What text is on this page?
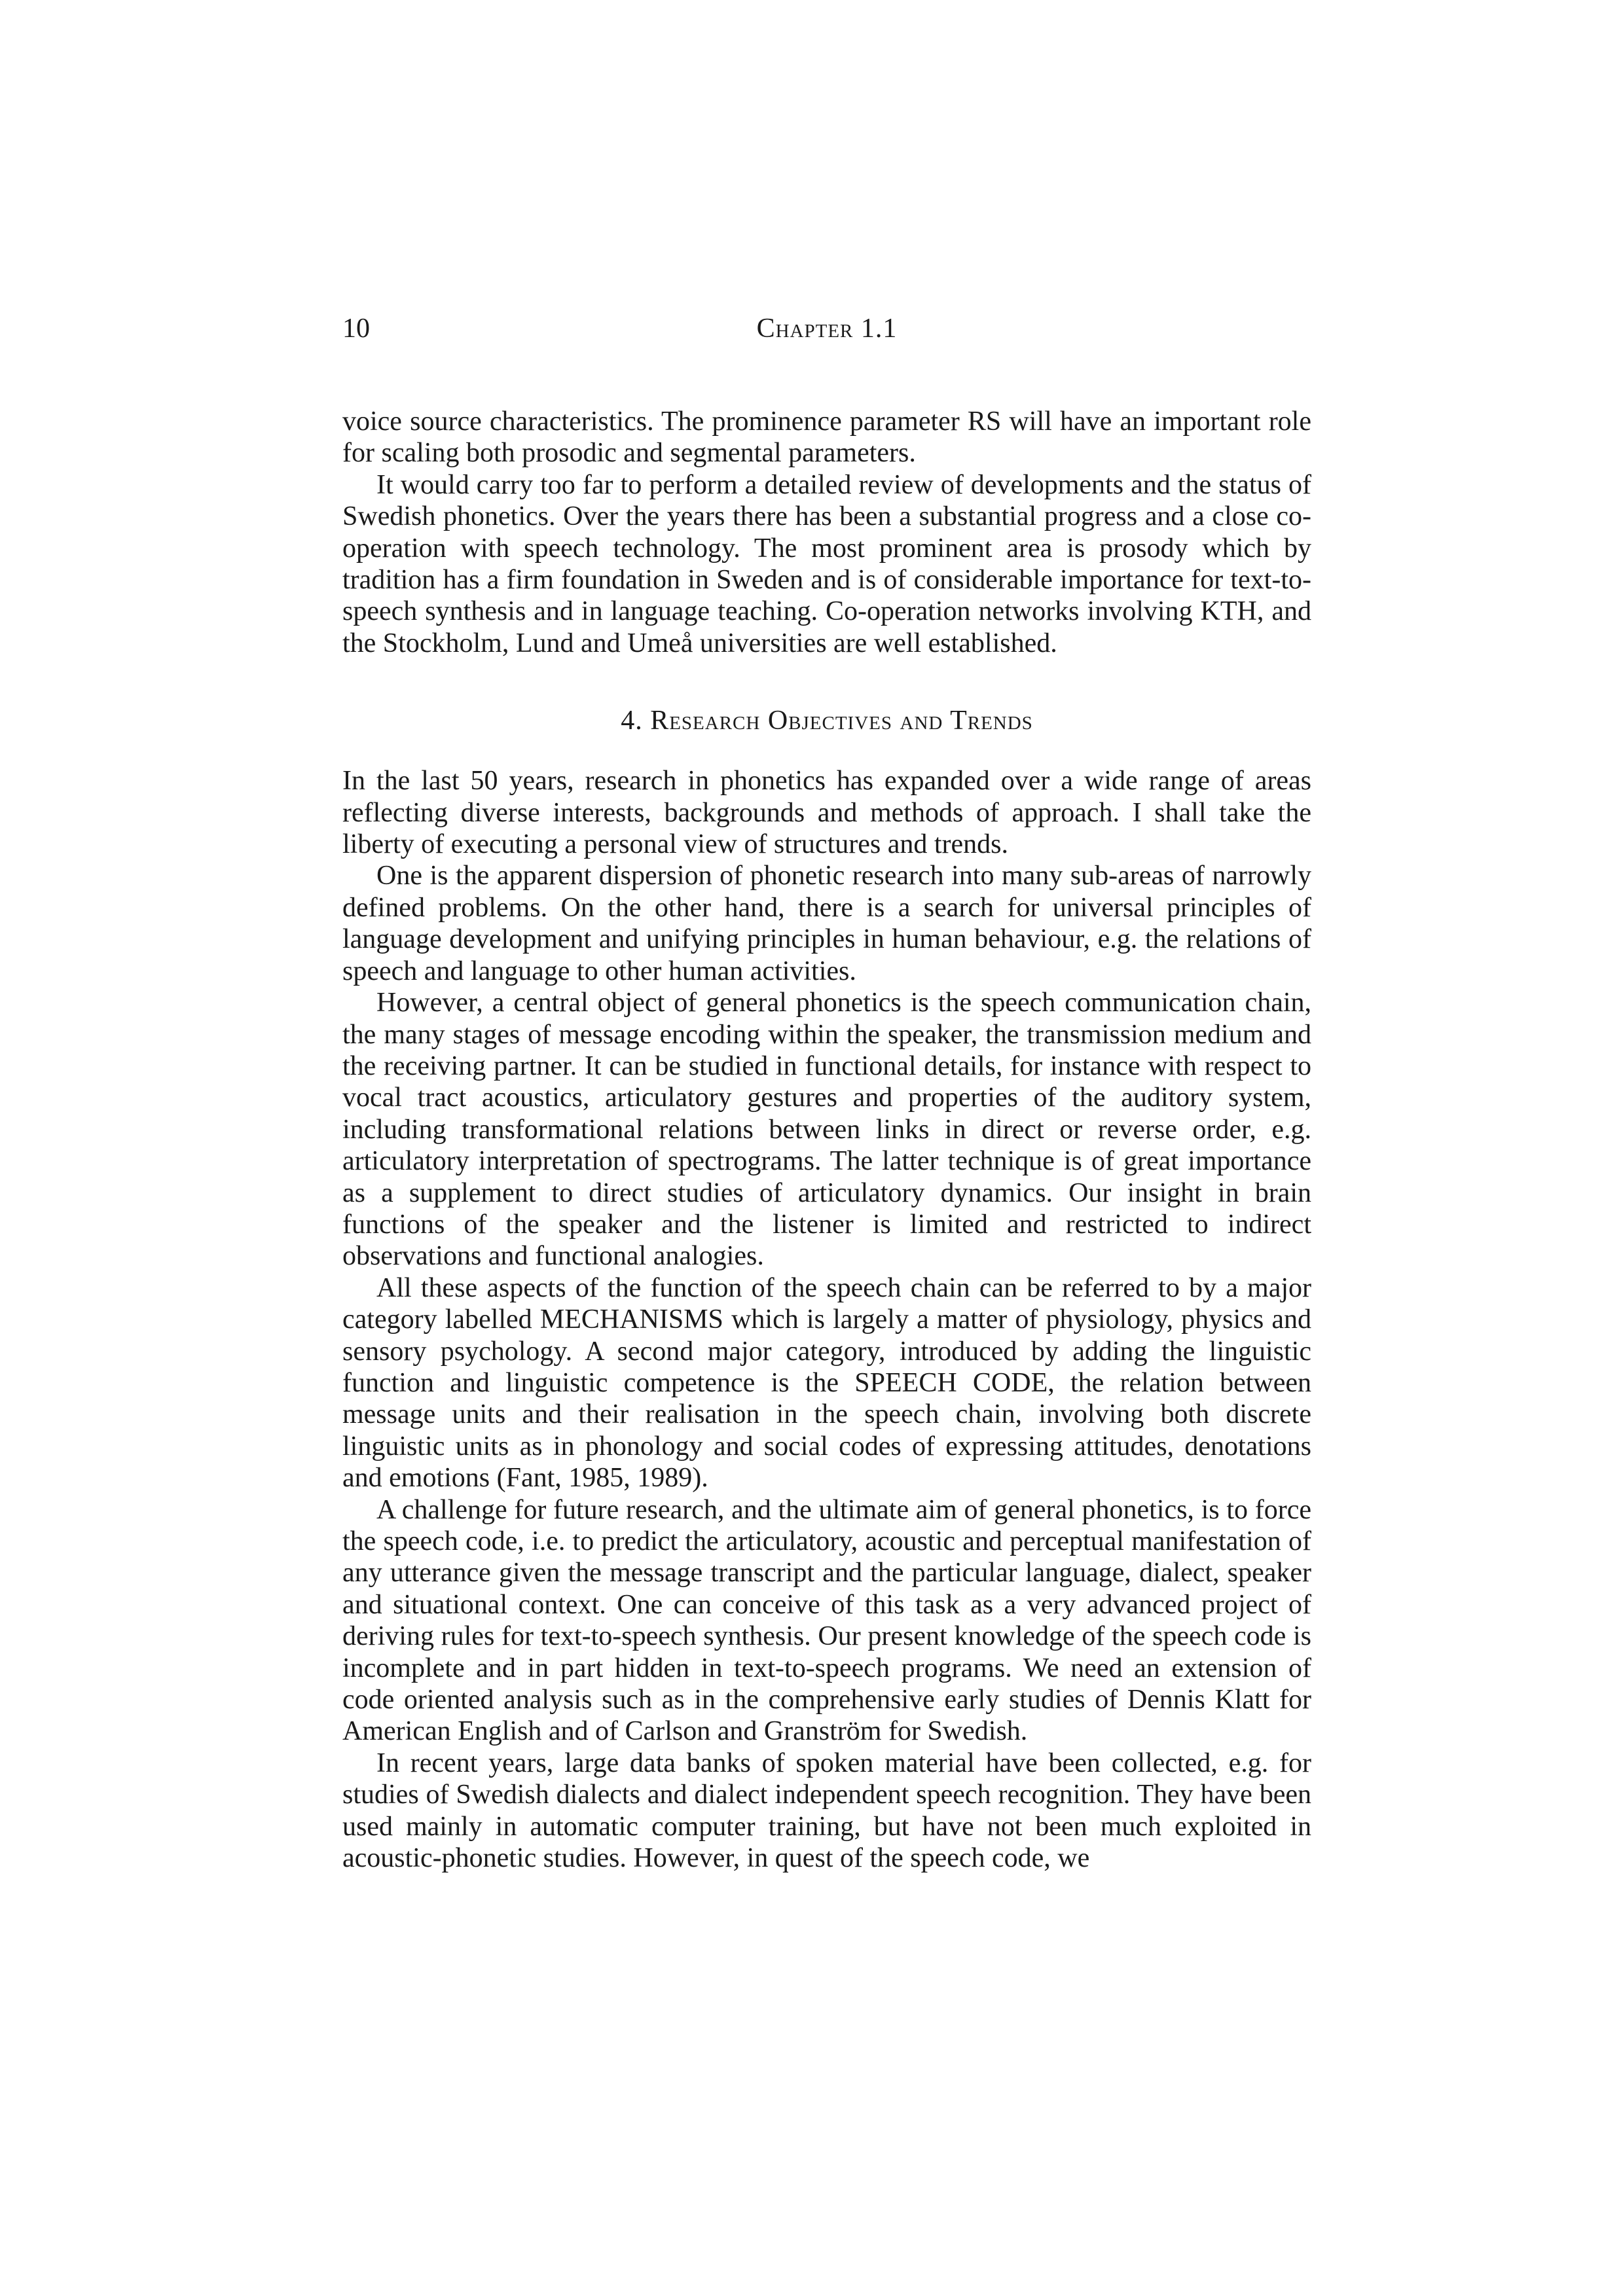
10	Chapter 1.1

voice source characteristics. The prominence parameter RS will have an important role for scaling both prosodic and segmental parameters.

It would carry too far to perform a detailed review of developments and the status of Swedish phonetics. Over the years there has been a substantial progress and a close co-operation with speech technology. The most prominent area is prosody which by tradition has a firm foundation in Sweden and is of considerable importance for text-to-speech synthesis and in language teaching. Co-operation networks involving KTH, and the Stockholm, Lund and Umeå universities are well established.

4. Research Objectives and Trends

In the last 50 years, research in phonetics has expanded over a wide range of areas reflecting diverse interests, backgrounds and methods of approach. I shall take the liberty of executing a personal view of structures and trends.

One is the apparent dispersion of phonetic research into many sub-areas of narrowly defined problems. On the other hand, there is a search for universal principles of language development and unifying principles in human behaviour, e.g. the relations of speech and language to other human activities.

However, a central object of general phonetics is the speech communication chain, the many stages of message encoding within the speaker, the transmission medium and the receiving partner. It can be studied in functional details, for instance with respect to vocal tract acoustics, articulatory gestures and properties of the auditory system, including transformational relations between links in direct or reverse order, e.g. articulatory interpretation of spectrograms. The latter technique is of great importance as a supplement to direct studies of articulatory dynamics. Our insight in brain functions of the speaker and the listener is limited and restricted to indirect observations and functional analogies.

All these aspects of the function of the speech chain can be referred to by a major category labelled MECHANISMS which is largely a matter of physiology, physics and sensory psychology. A second major category, introduced by adding the linguistic function and linguistic competence is the SPEECH CODE, the relation between message units and their realisation in the speech chain, involving both discrete linguistic units as in phonology and social codes of expressing attitudes, denotations and emotions (Fant, 1985, 1989).

A challenge for future research, and the ultimate aim of general phonetics, is to force the speech code, i.e. to predict the articulatory, acoustic and perceptual manifestation of any utterance given the message transcript and the particular language, dialect, speaker and situational context. One can conceive of this task as a very advanced project of deriving rules for text-to-speech synthesis. Our present knowledge of the speech code is incomplete and in part hidden in text-to-speech programs. We need an extension of code oriented analysis such as in the comprehensive early studies of Dennis Klatt for American English and of Carlson and Granström for Swedish.

In recent years, large data banks of spoken material have been collected, e.g. for studies of Swedish dialects and dialect independent speech recognition. They have been used mainly in automatic computer training, but have not been much exploited in acoustic-phonetic studies. However, in quest of the speech code, we
